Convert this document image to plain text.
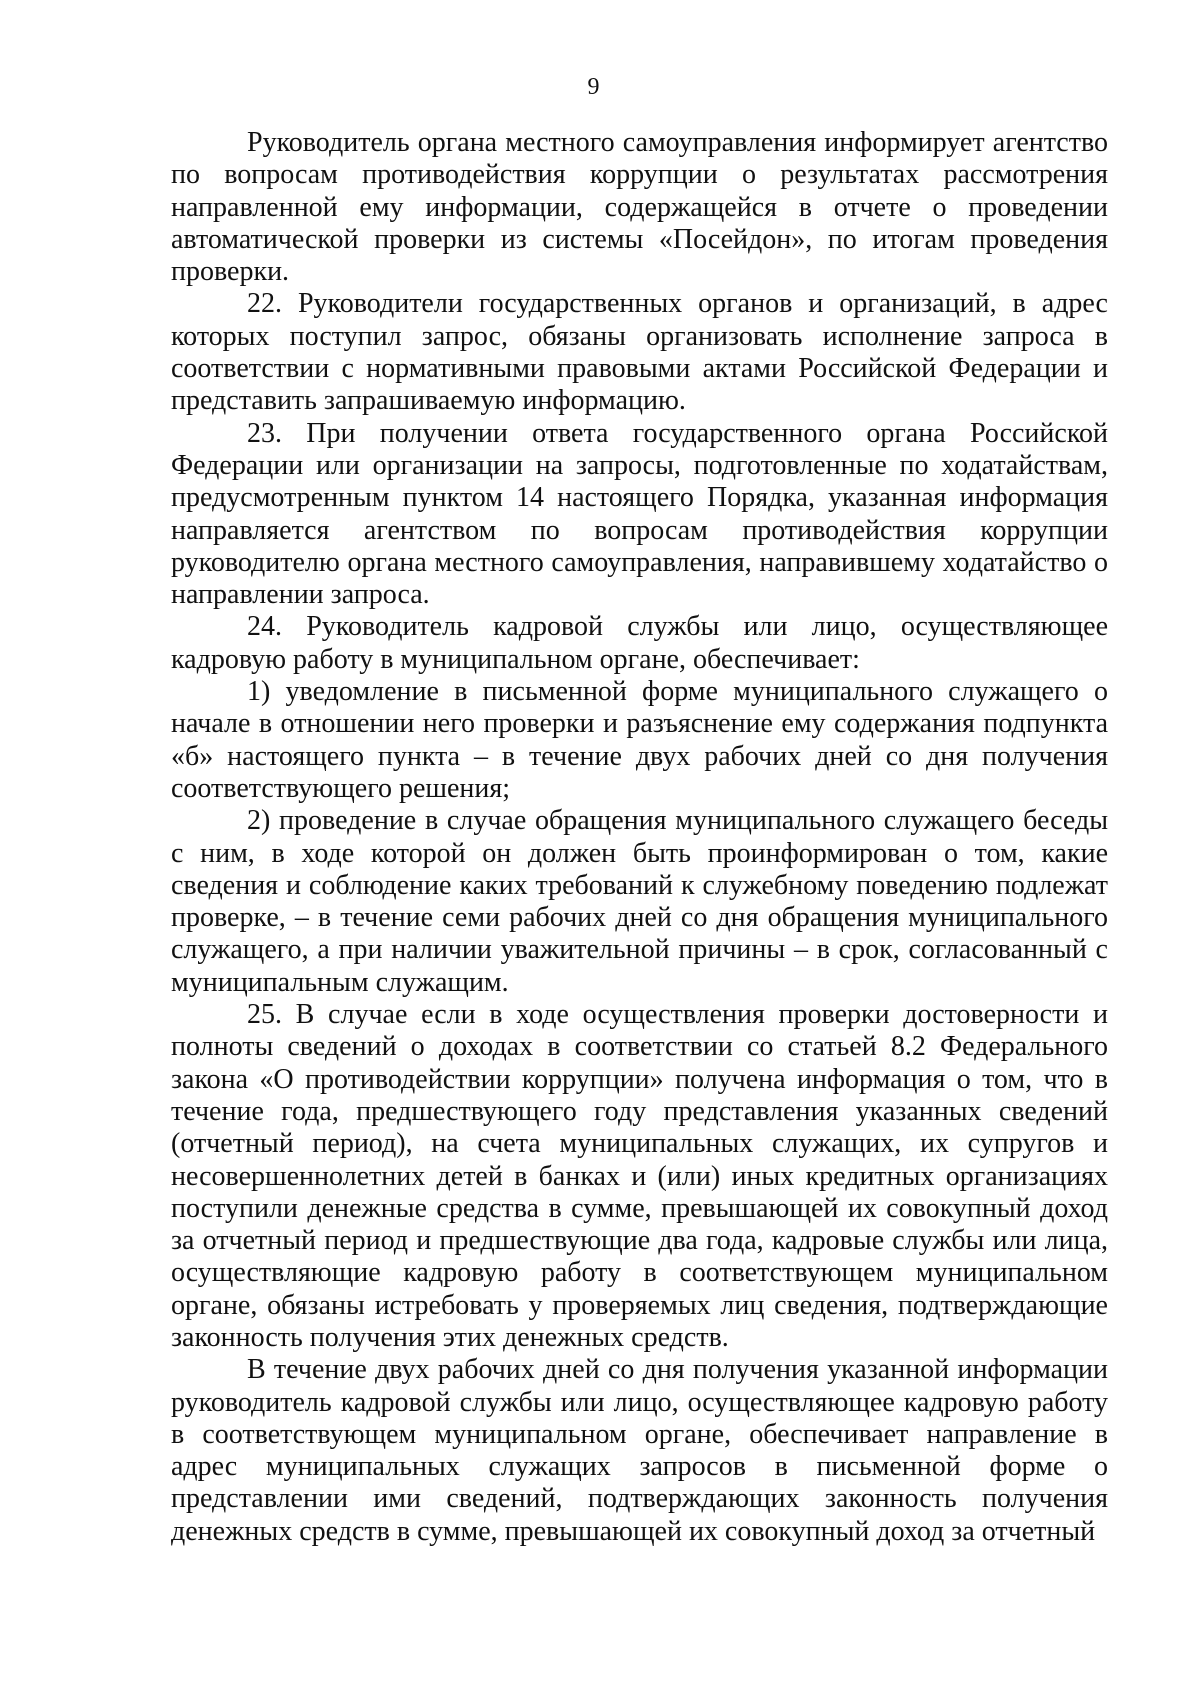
9

Руководитель органа местного самоуправления информирует агентство по вопросам противодействия коррупции о результатах рассмотрения направленной ему информации, содержащейся в отчете о проведении автоматической проверки из системы «Посейдон», по итогам проведения проверки.

22. Руководители государственных органов и организаций, в адрес которых поступил запрос, обязаны организовать исполнение запроса в соответствии с нормативными правовыми актами Российской Федерации и представить запрашиваемую информацию.

23. При получении ответа государственного органа Российской Федерации или организации на запросы, подготовленные по ходатайствам, предусмотренным пунктом 14 настоящего Порядка, указанная информация направляется агентством по вопросам противодействия коррупции руководителю органа местного самоуправления, направившему ходатайство о направлении запроса.

24. Руководитель кадровой службы или лицо, осуществляющее кадровую работу в муниципальном органе, обеспечивает:

1) уведомление в письменной форме муниципального служащего о начале в отношении него проверки и разъяснение ему содержания подпункта «б» настоящего пункта – в течение двух рабочих дней со дня получения соответствующего решения;

2) проведение в случае обращения муниципального служащего беседы с ним, в ходе которой он должен быть проинформирован о том, какие сведения и соблюдение каких требований к служебному поведению подлежат проверке, – в течение семи рабочих дней со дня обращения муниципального служащего, а при наличии уважительной причины – в срок, согласованный с муниципальным служащим.

25. В случае если в ходе осуществления проверки достоверности и полноты сведений о доходах в соответствии со статьей 8.2 Федерального закона «О противодействии коррупции» получена информация о том, что в течение года, предшествующего году представления указанных сведений (отчетный период), на счета муниципальных служащих, их супругов и несовершеннолетних детей в банках и (или) иных кредитных организациях поступили денежные средства в сумме, превышающей их совокупный доход за отчетный период и предшествующие два года, кадровые службы или лица, осуществляющие кадровую работу в соответствующем муниципальном органе, обязаны истребовать у проверяемых лиц сведения, подтверждающие законность получения этих денежных средств.

В течение двух рабочих дней со дня получения указанной информации руководитель кадровой службы или лицо, осуществляющее кадровую работу в соответствующем муниципальном органе, обеспечивает направление в адрес муниципальных служащих запросов в письменной форме о представлении ими сведений, подтверждающих законность получения денежных средств в сумме, превышающей их совокупный доход за отчетный
